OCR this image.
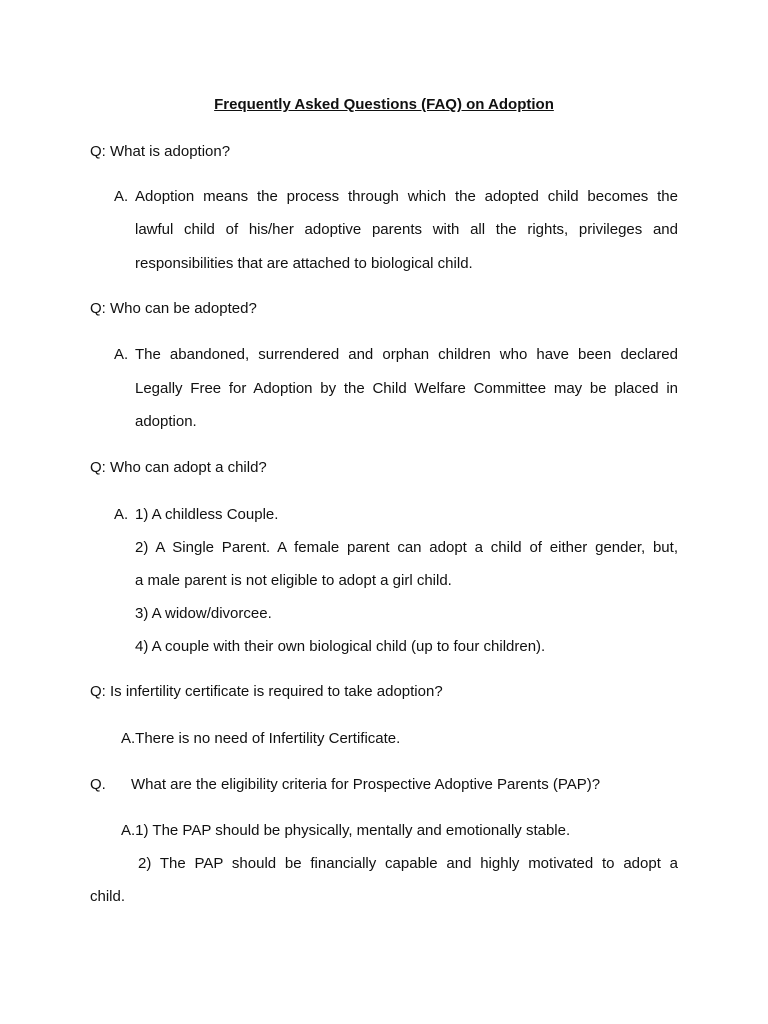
Frequently Asked Questions (FAQ) on Adoption
Q: What is adoption?
A. Adoption means the process through which the adopted child becomes the
lawful child of his/her adoptive parents with all the rights, privileges and
responsibilities that are attached to biological child.
Q: Who can be adopted?
A. The abandoned, surrendered and orphan children who have been declared
Legally Free for Adoption by the Child Welfare Committee may be placed in
adoption.
Q: Who can adopt a child?
A. 1) A childless Couple.
2) A Single Parent. A female parent can adopt a child of either gender, but,
a male parent is not eligible to adopt a girl child.
3) A widow/divorcee.
4) A couple with their own biological child (up to four children).
Q: Is infertility certificate is required to take adoption?
A.There is no need of Infertility Certificate.
Q. What are the eligibility criteria for Prospective Adoptive Parents (PAP)?
A.1) The PAP should be physically, mentally and emotionally stable.
2) The PAP should be financially capable and highly motivated to adopt a
child.
